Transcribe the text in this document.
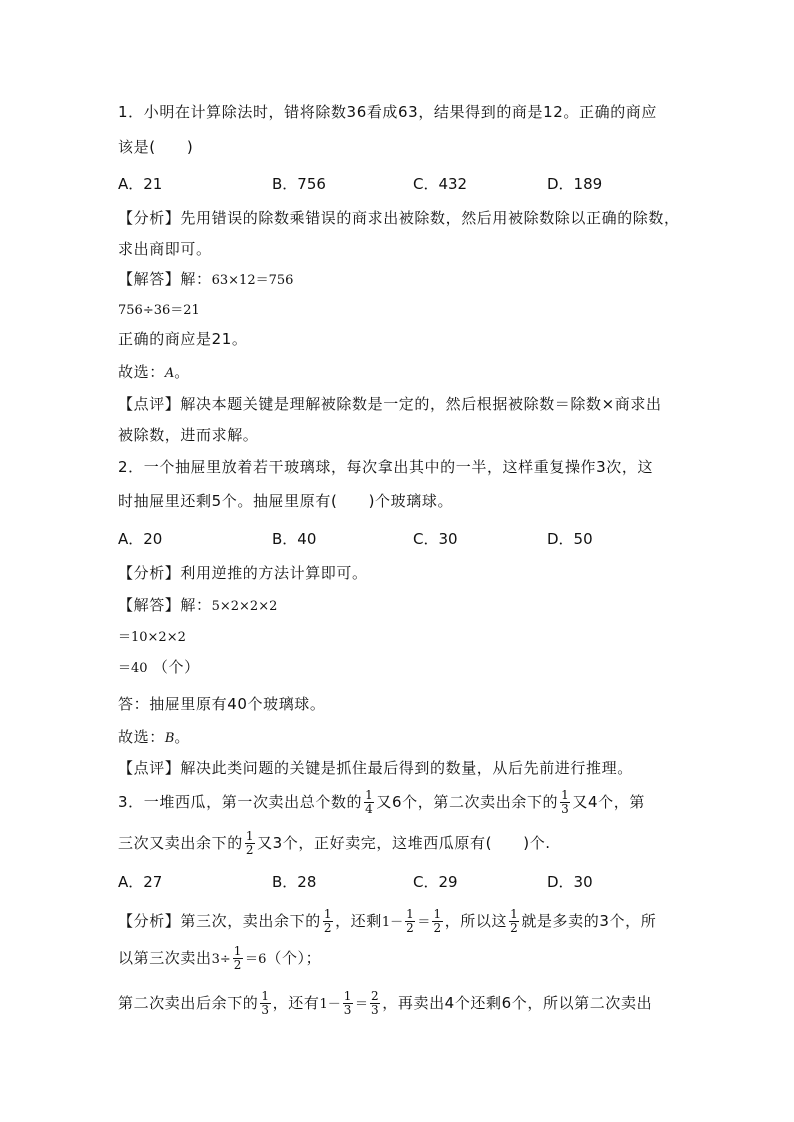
1．小明在计算除法时，错将除数36看成63，结果得到的商是12。正确的商应
该是(　　)
A．21	B．756	C．432	D．189
【分析】先用错误的除数乘错误的商求出被除数，然后用被除数除以正确的除数，
求出商即可。
【解答】解：63×12＝756
756÷36＝21
正确的商应是21。
故选：A。
【点评】解决本题关键是理解被除数是一定的，然后根据被除数＝除数×商求出
被除数，进而求解。
2．一个抽屉里放着若干玻璃球，每次拿出其中的一半，这样重复操作3次，这
时抽屉里还剩5个。抽屉里原有(　　)个玻璃球。
A．20	B．40	C．30	D．50
【分析】利用逆推的方法计算即可。
【解答】解：5×2×2×2
＝10×2×2
＝40 （个）
答：抽屉里原有40个玻璃球。
故选：B。
【点评】解决此类问题的关键是抓住最后得到的数量，从后先前进行推理。
3．一堆西瓜，第一次卖出总个数的 $\frac{1}{4}$ 又6个，第二次卖出余下的 $\frac{1}{3}$ 又4个，第
三次又卖出余下的 $\frac{1}{2}$ 又3个，正好卖完，这堆西瓜原有(　　)个.
A．27	B．28	C．29	D．30
【分析】第三次，卖出余下的 $\frac{1}{2}$ ，还剩$1- \frac{1}{2} = \frac{1}{2}$ ，所以这 $\frac{1}{2}$ 就是多卖的3个，所
以第三次卖出$3\div \frac{1}{2} =6$（个）；
第二次卖出后余下的 $\frac{1}{3}$ ，还有$1- \frac{1}{3} = \frac{2}{3}$ ，再卖出4个还剩6个，所以第二次卖出
